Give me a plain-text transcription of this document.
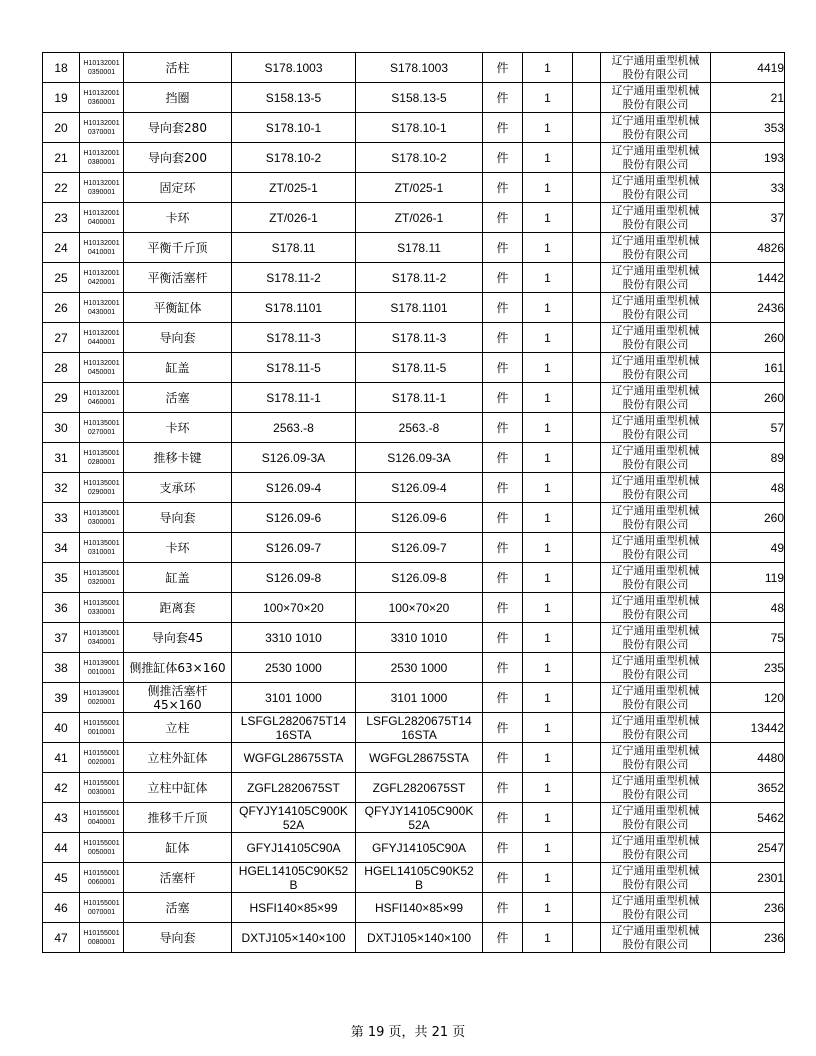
18	H10132001
0350001	活柱	S178.1003	S178.1003	件	1		辽宁通用重型机械
股份有限公司	4419
19	H10132001
0360001	挡圈	S158.13-5	S158.13-5	件	1		辽宁通用重型机械
股份有限公司	21
20	H10132001
0370001	导向套280	S178.10-1	S178.10-1	件	1		辽宁通用重型机械
股份有限公司	353
21	H10132001
0380001	导向套200	S178.10-2	S178.10-2	件	1		辽宁通用重型机械
股份有限公司	193
22	H10132001
0390001	固定环	ZT/025-1	ZT/025-1	件	1		辽宁通用重型机械
股份有限公司	33
23	H10132001
0400001	卡环	ZT/026-1	ZT/026-1	件	1		辽宁通用重型机械
股份有限公司	37
24	H10132001
0410001	平衡千斤顶	S178.11	S178.11	件	1		辽宁通用重型机械
股份有限公司	4826
25	H10132001
0420001	平衡活塞杆	S178.11-2	S178.11-2	件	1		辽宁通用重型机械
股份有限公司	1442
26	H10132001
0430001	平衡缸体	S178.1101	S178.1101	件	1		辽宁通用重型机械
股份有限公司	2436
27	H10132001
0440001	导向套	S178.11-3	S178.11-3	件	1		辽宁通用重型机械
股份有限公司	260
28	H10132001
0450001	缸盖	S178.11-5	S178.11-5	件	1		辽宁通用重型机械
股份有限公司	161
29	H10132001
0460001	活塞	S178.11-1	S178.11-1	件	1		辽宁通用重型机械
股份有限公司	260
30	H10135001
0270001	卡环	2563.-8	2563.-8	件	1		辽宁通用重型机械
股份有限公司	57
31	H10135001
0280001	推移卡键	S126.09-3A	S126.09-3A	件	1		辽宁通用重型机械
股份有限公司	89
32	H10135001
0290001	支承环	S126.09-4	S126.09-4	件	1		辽宁通用重型机械
股份有限公司	48
33	H10135001
0300001	导向套	S126.09-6	S126.09-6	件	1		辽宁通用重型机械
股份有限公司	260
34	H10135001
0310001	卡环	S126.09-7	S126.09-7	件	1		辽宁通用重型机械
股份有限公司	49
35	H10135001
0320001	缸盖	S126.09-8	S126.09-8	件	1		辽宁通用重型机械
股份有限公司	119
36	H10135001
0330001	距离套	100×70×20	100×70×20	件	1		辽宁通用重型机械
股份有限公司	48
37	H10135001
0340001	导向套45	3310 1010	3310 1010	件	1		辽宁通用重型机械
股份有限公司	75
38	H10139001
0010001	侧推缸体63×160	2530 1000	2530 1000	件	1		辽宁通用重型机械
股份有限公司	235
39	H10139001
0020001	侧推活塞杆
45×160	3101 1000	3101 1000	件	1		辽宁通用重型机械
股份有限公司	120
40	H10155001
0010001	立柱	LSFGL2820675T14
16STA	LSFGL2820675T14
16STA	件	1		辽宁通用重型机械
股份有限公司	13442
41	H10155001
0020001	立柱外缸体	WGFGL28675STA	WGFGL28675STA	件	1		辽宁通用重型机械
股份有限公司	4480
42	H10155001
0030001	立柱中缸体	ZGFL2820675ST	ZGFL2820675ST	件	1		辽宁通用重型机械
股份有限公司	3652
43	H10155001
0040001	推移千斤顶	QFYJY14105C900K
52A	QFYJY14105C900K
52A	件	1		辽宁通用重型机械
股份有限公司	5462
44	H10155001
0050001	缸体	GFYJ14105C90A	GFYJ14105C90A	件	1		辽宁通用重型机械
股份有限公司	2547
45	H10155001
0060001	活塞杆	HGEL14105C90K52
B	HGEL14105C90K52
B	件	1		辽宁通用重型机械
股份有限公司	2301
46	H10155001
0070001	活塞	HSFI140×85×99	HSFI140×85×99	件	1		辽宁通用重型机械
股份有限公司	236
47	H10155001
0080001	导向套	DXTJ105×140×100	DXTJ105×140×100	件	1		辽宁通用重型机械
股份有限公司	236
第 19 页，共 21 页
